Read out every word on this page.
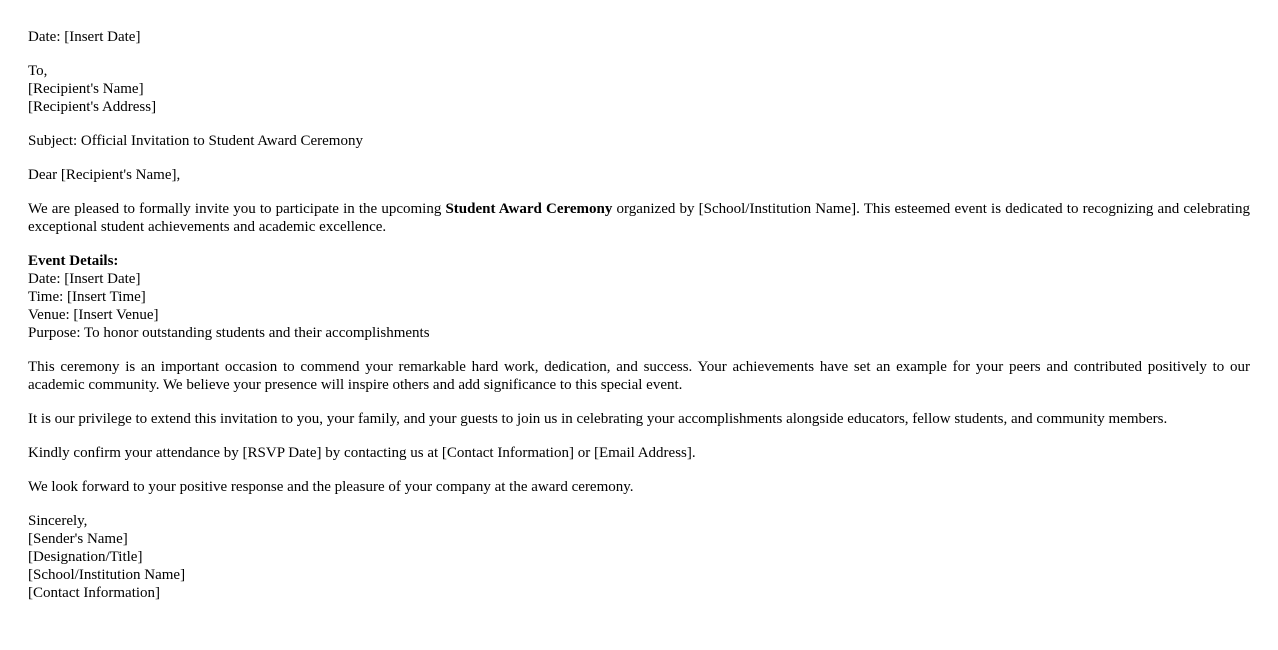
Date: [Insert Date]
To,
[Recipient's Name]
[Recipient's Address]
Subject: Official Invitation to Student Award Ceremony
Dear [Recipient's Name],
We are pleased to formally invite you to participate in the upcoming Student Award Ceremony organized by [School/Institution Name]. This esteemed event is dedicated to recognizing and celebrating exceptional student achievements and academic excellence.
Event Details:
Date: [Insert Date]
Time: [Insert Time]
Venue: [Insert Venue]
Purpose: To honor outstanding students and their accomplishments
This ceremony is an important occasion to commend your remarkable hard work, dedication, and success. Your achievements have set an example for your peers and contributed positively to our academic community. We believe your presence will inspire others and add significance to this special event.
It is our privilege to extend this invitation to you, your family, and your guests to join us in celebrating your accomplishments alongside educators, fellow students, and community members.
Kindly confirm your attendance by [RSVP Date] by contacting us at [Contact Information] or [Email Address].
We look forward to your positive response and the pleasure of your company at the award ceremony.
Sincerely,
[Sender's Name]
[Designation/Title]
[School/Institution Name]
[Contact Information]
